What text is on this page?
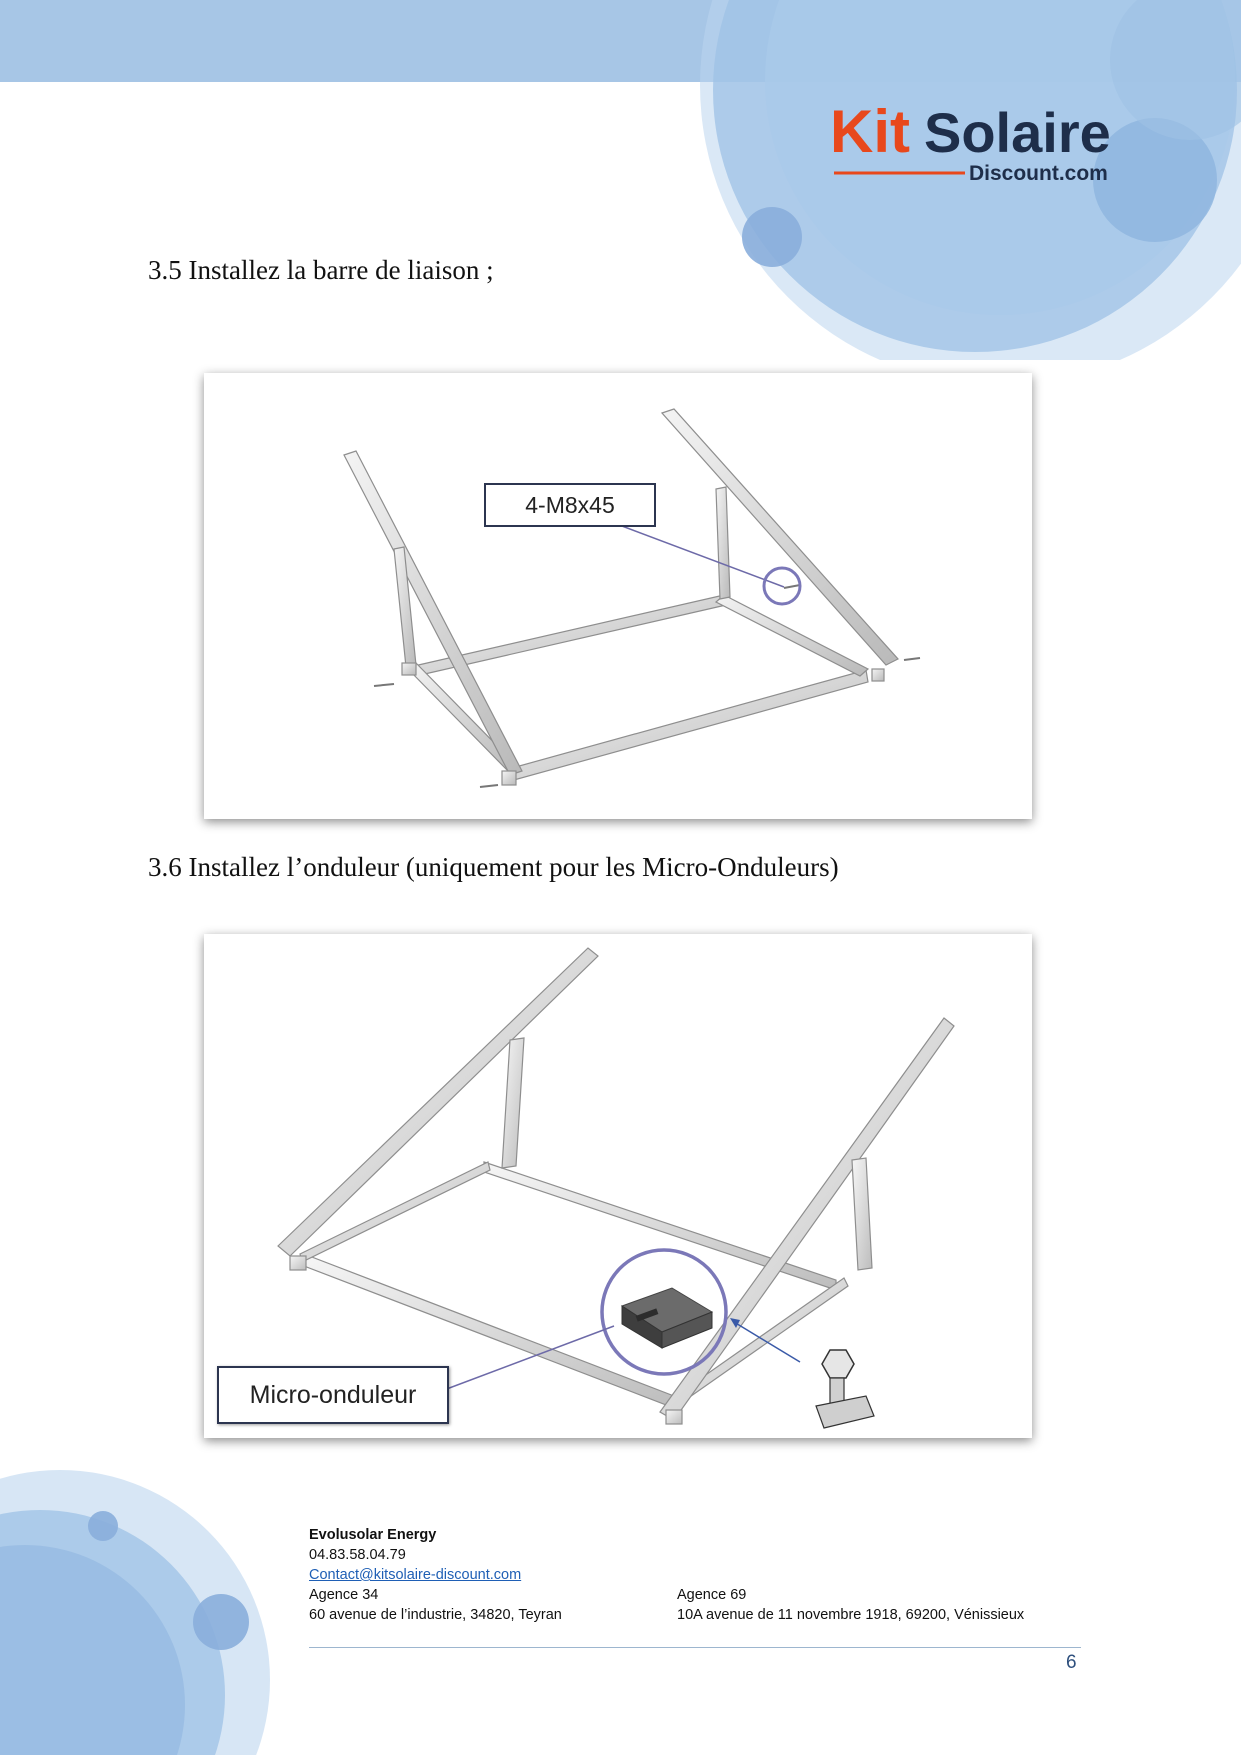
Kit Solaire
Discount.com
3.5 Installez la barre de liaison ;
4-M8x45
3.6 Installez l’onduleur (uniquement pour les Micro-Onduleurs)
Micro-onduleur
Evolusolar Energy
04.83.58.04.79
Contact@kitsolaire-discount.com
Agence 34
60 avenue de l’industrie, 34820, Teyran
Agence 69
10A avenue de 11 novembre 1918, 69200, Vénissieux
6
